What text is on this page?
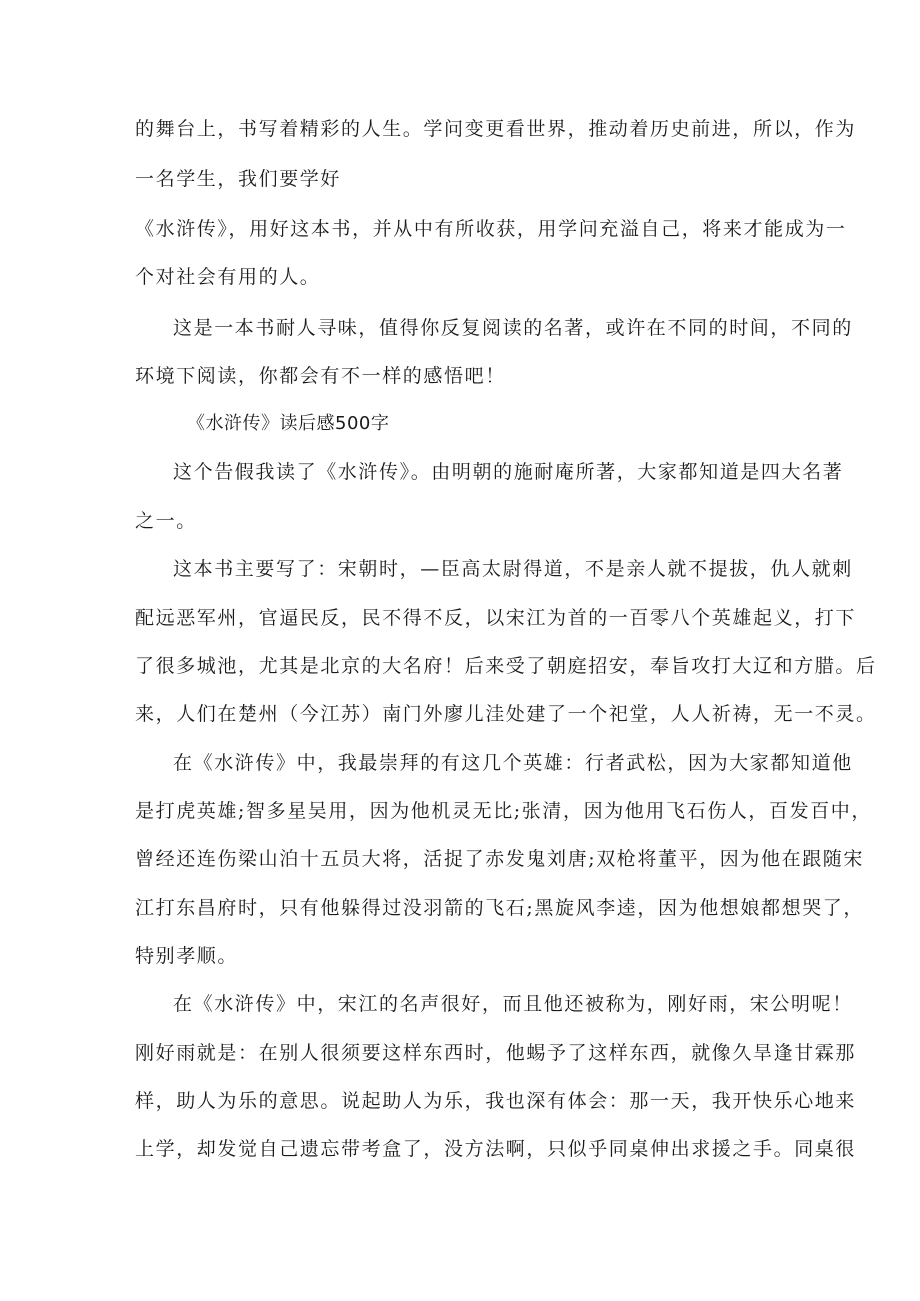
的舞台上，书写着精彩的人生。学问变更看世界，推动着历史前进，所以，作为
一名学生，我们要学好
《水浒传》，用好这本书，并从中有所收获，用学问充溢自己，将来才能成为一
个对社会有用的人。
这是一本书耐人寻味，值得你反复阅读的名著，或许在不同的时间，不同的
环境下阅读，你都会有不一样的感悟吧！
《水浒传》读后感500字
这个告假我读了《水浒传》。由明朝的施耐庵所著，大家都知道是四大名著
之一。
这本书主要写了：宋朝时，—臣高太尉得道，不是亲人就不提拔，仇人就刺
配远恶军州，官逼民反，民不得不反，以宋江为首的一百零八个英雄起义，打下
了很多城池，尤其是北京的大名府！后来受了朝庭招安，奉旨攻打大辽和方腊。后
来，人们在楚州（今江苏）南门外廖儿洼处建了一个祀堂，人人祈祷，无一不灵。
在《水浒传》中，我最崇拜的有这几个英雄：行者武松，因为大家都知道他
是打虎英雄;智多星吴用，因为他机灵无比;张清，因为他用飞石伤人，百发百中，
曾经还连伤梁山泊十五员大将，活捉了赤发鬼刘唐;双枪将董平，因为他在跟随宋
江打东昌府时，只有他躲得过没羽箭的飞石;黑旋风李逵，因为他想娘都想哭了，
特别孝顺。
在《水浒传》中，宋江的名声很好，而且他还被称为，刚好雨，宋公明呢！
刚好雨就是：在别人很须要这样东西时，他蜴予了这样东西，就像久旱逢甘霖那
样，助人为乐的意思。说起助人为乐，我也深有体会：那一天，我开快乐心地来
上学，却发觉自己遗忘带考盒了，没方法啊，只似乎同桌伸出求援之手。同桌很
